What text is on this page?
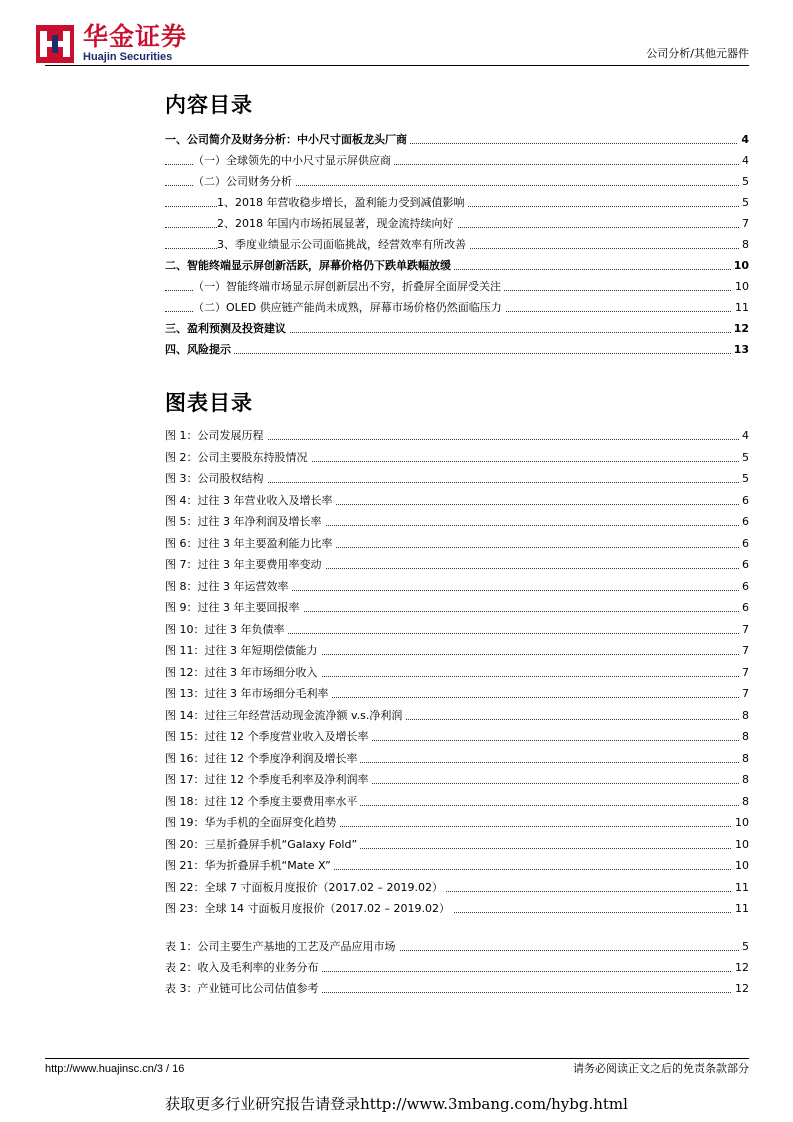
华金证券
Huajin Securities	公司分析/其他元器件
内容目录
一、公司简介及财务分析：中小尺寸面板龙头厂商	4
（一）全球领先的中小尺寸显示屏供应商	4
（二）公司财务分析	5
1、2018 年营收稳步增长，盈利能力受到减值影响	5
2、2018 年国内市场拓展显著，现金流持续向好	7
3、季度业绩显示公司面临挑战，经营效率有所改善	8
二、智能终端显示屏创新活跃，屏幕价格仍下跌单跌幅放缓	10
（一）智能终端市场显示屏创新层出不穷，折叠屏全面屏受关注	10
（二）OLED 供应链产能尚未成熟，屏幕市场价格仍然面临压力	11
三、盈利预测及投资建议	12
四、风险提示	13
图表目录
图 1：公司发展历程	4
图 2：公司主要股东持股情况	5
图 3：公司股权结构	5
图 4：过往 3 年营业收入及增长率	6
图 5：过往 3 年净利润及增长率	6
图 6：过往 3 年主要盈利能力比率	6
图 7：过往 3 年主要费用率变动	6
图 8：过往 3 年运营效率	6
图 9：过往 3 年主要回报率	6
图 10：过往 3 年负债率	7
图 11：过往 3 年短期偿债能力	7
图 12：过往 3 年市场细分收入	7
图 13：过往 3 年市场细分毛利率	7
图 14：过往三年经营活动现金流净额 v.s.净利润	8
图 15：过往 12 个季度营业收入及增长率	8
图 16：过往 12 个季度净利润及增长率	8
图 17：过往 12 个季度毛利率及净利润率	8
图 18：过往 12 个季度主要费用率水平	8
图 19：华为手机的全面屏变化趋势	10
图 20：三星折叠屏手机“Galaxy Fold”	10
图 21：华为折叠屏手机“Mate X”	10
图 22：全球 7 寸面板月度报价（2017.02 – 2019.02）	11
图 23：全球 14 寸面板月度报价（2017.02 – 2019.02）	11
表 1：公司主要生产基地的工艺及产品应用市场	5
表 2：收入及毛利率的业务分布	12
表 3：产业链可比公司估值参考	12
http://www.huajinsc.cn/3 / 16	请务必阅读正文之后的免责条款部分
获取更多行业研究报告请登录http://www.3mbang.com/hybg.html
